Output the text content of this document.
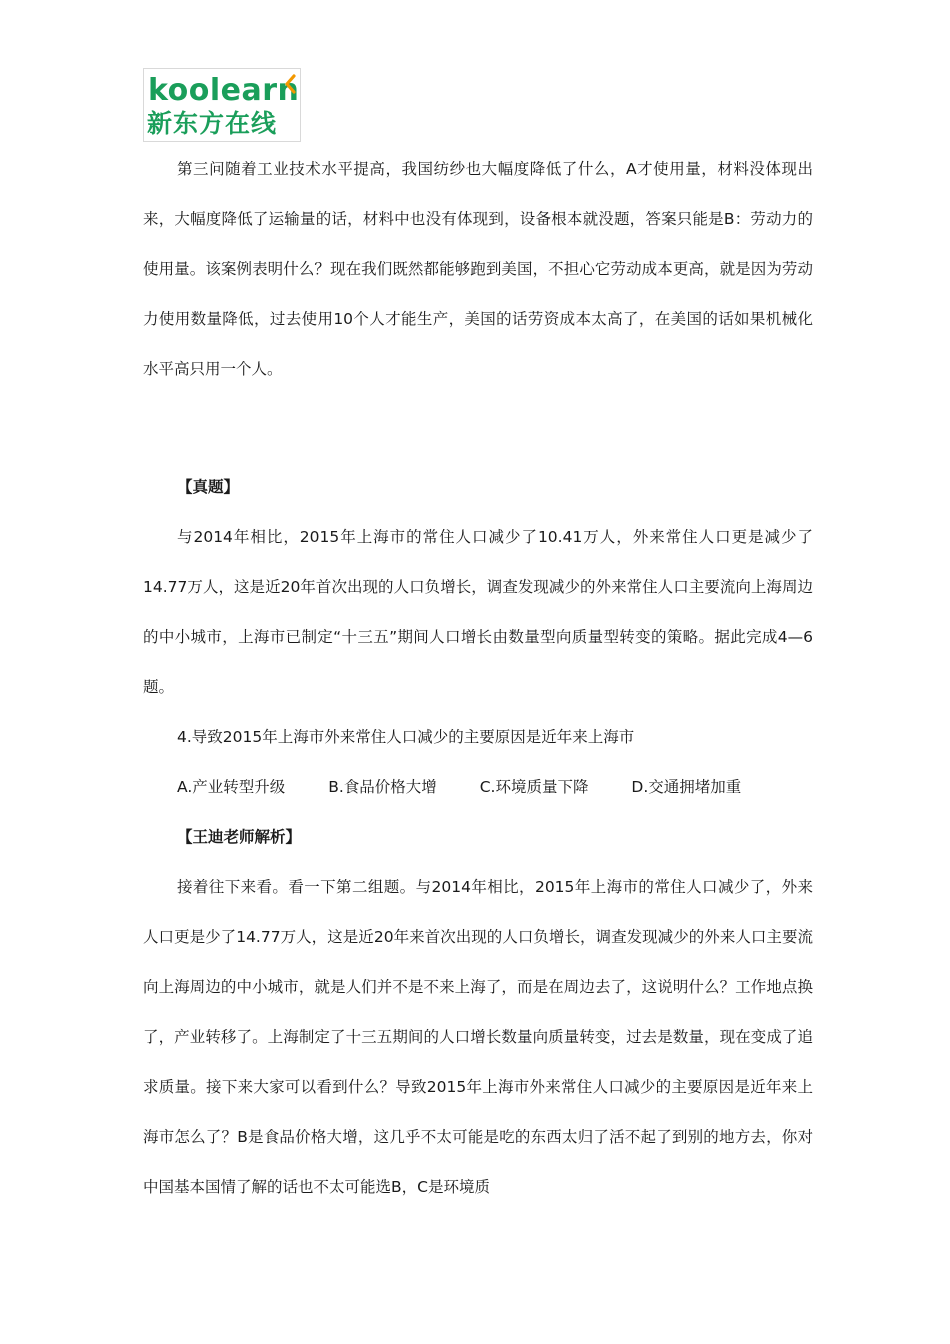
koolearn
新东方在线

第三问随着工业技术水平提高，我国纺纱也大幅度降低了什么，A才使用量，材料没体现出来，大幅度降低了运输量的话，材料中也没有体现到，设备根本就没题，答案只能是B：劳动力的使用量。该案例表明什么？现在我们既然都能够跑到美国，不担心它劳动成本更高，就是因为劳动力使用数量降低，过去使用10个人才能生产，美国的话劳资成本太高了，在美国的话如果机械化水平高只用一个人。

【真题】

与2014年相比，2015年上海市的常住人口减少了10.41万人，外来常住人口更是减少了14.77万人，这是近20年首次出现的人口负增长，调查发现减少的外来常住人口主要流向上海周边的中小城市，上海市已制定“十三五”期间人口增长由数量型向质量型转变的策略。据此完成4—6题。

4.导致2015年上海市外来常住人口减少的主要原因是近年来上海市

A.产业转型升级	B.食品价格大增	C.环境质量下降	D.交通拥堵加重

【王迪老师解析】

接着往下来看。看一下第二组题。与2014年相比，2015年上海市的常住人口减少了，外来人口更是少了14.77万人，这是近20年来首次出现的人口负增长，调查发现减少的外来人口主要流向上海周边的中小城市，就是人们并不是不来上海了，而是在周边去了，这说明什么？工作地点换了，产业转移了。上海制定了十三五期间的人口增长数量向质量转变，过去是数量，现在变成了追求质量。接下来大家可以看到什么？导致2015年上海市外来常住人口减少的主要原因是近年来上海市怎么了？B是食品价格大增，这几乎不太可能是吃的东西太归了活不起了到别的地方去，你对中国基本国情了解的话也不太可能选B，C是环境质
